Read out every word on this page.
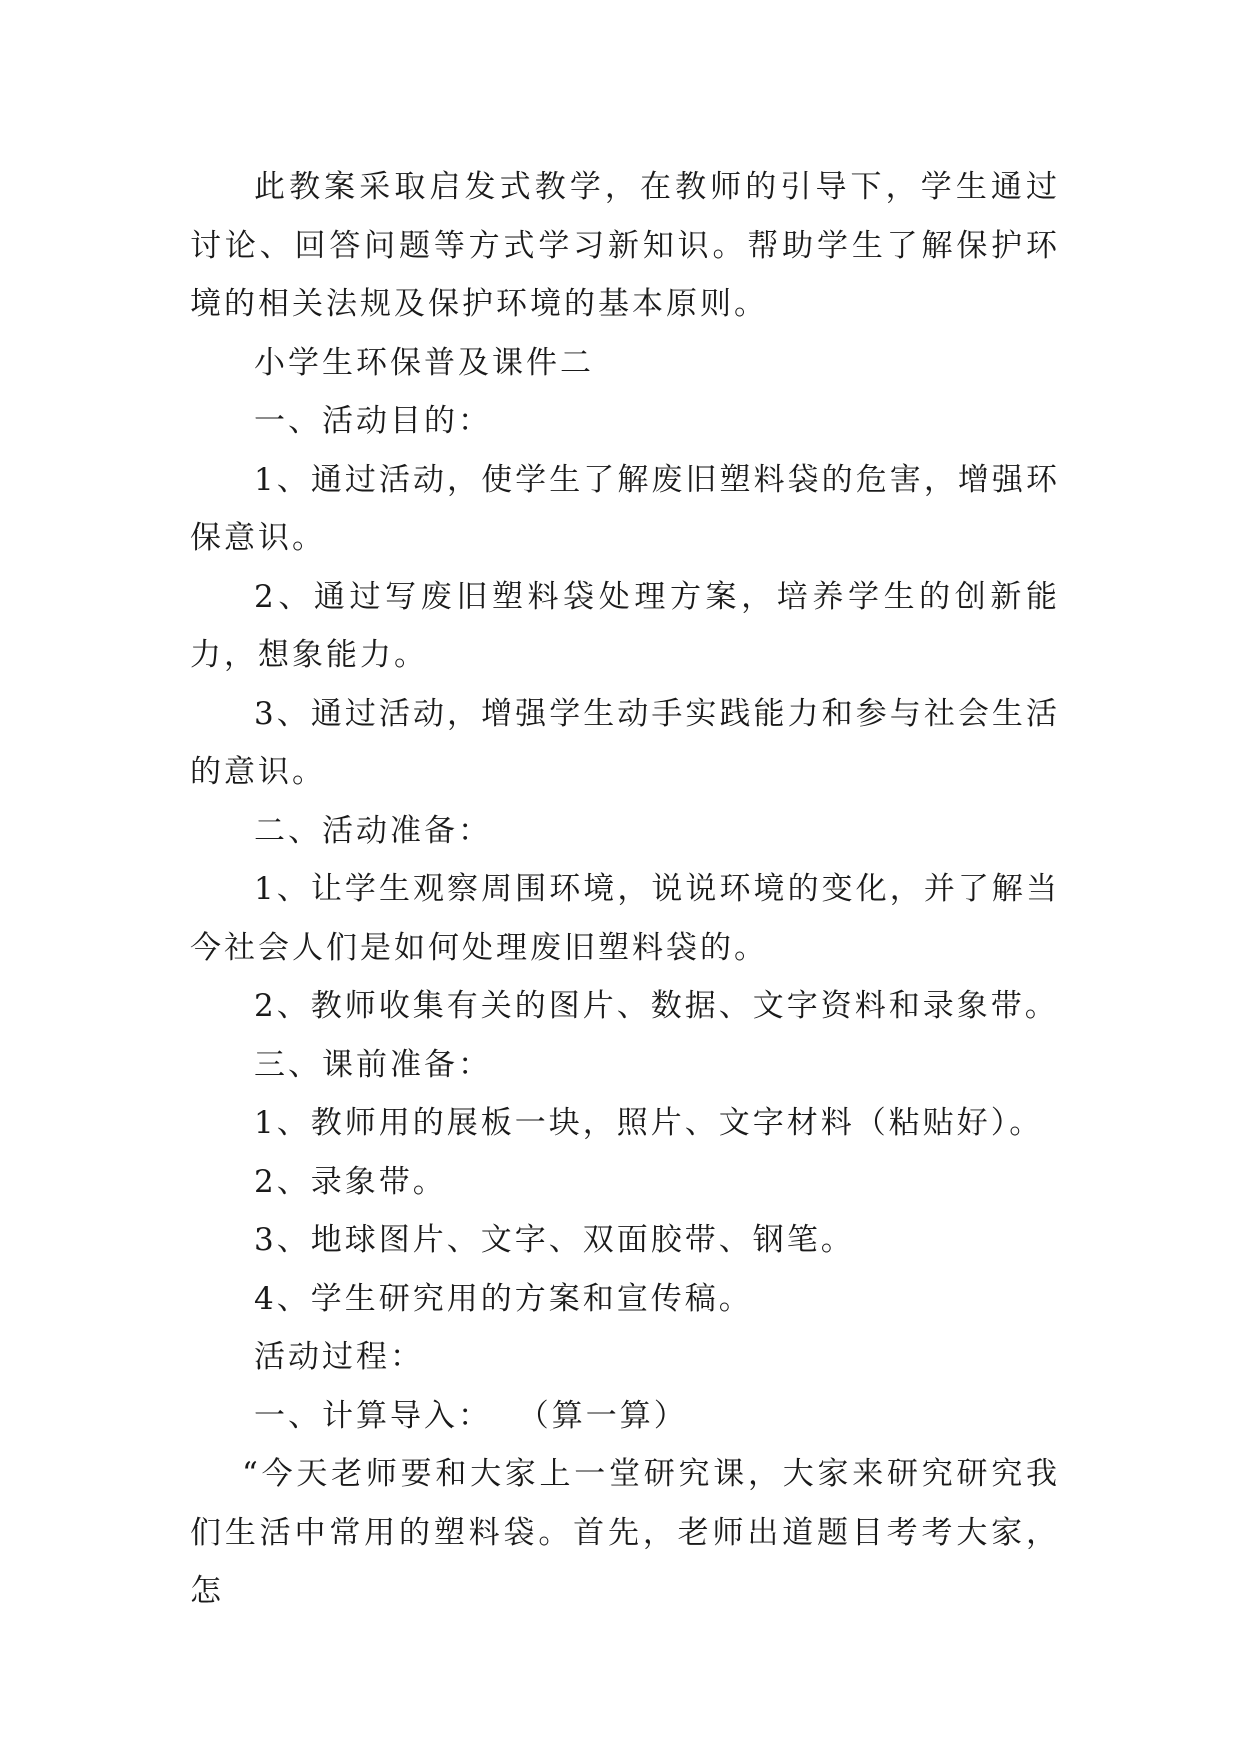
此教案采取启发式教学，在教师的引导下，学生通过讨论、回答问题等方式学习新知识。帮助学生了解保护环境的相关法规及保护环境的基本原则。

小学生环保普及课件二

一、活动目的：

1、通过活动，使学生了解废旧塑料袋的危害，增强环保意识。

2、通过写废旧塑料袋处理方案，培养学生的创新能力，想象能力。

3、通过活动，增强学生动手实践能力和参与社会生活的意识。

二、活动准备：

1、让学生观察周围环境，说说环境的变化，并了解当今社会人们是如何处理废旧塑料袋的。

2、教师收集有关的图片、数据、文字资料和录象带。

三、课前准备：

1、教师用的展板一块，照片、文字材料（粘贴好）。

2、录象带。

3、地球图片、文字、双面胶带、钢笔。

4、学生研究用的方案和宣传稿。

活动过程：

一、计算导入：  （算一算）

“今天老师要和大家上一堂研究课，大家来研究研究我们生活中常用的塑料袋。首先，老师出道题目考考大家，怎
